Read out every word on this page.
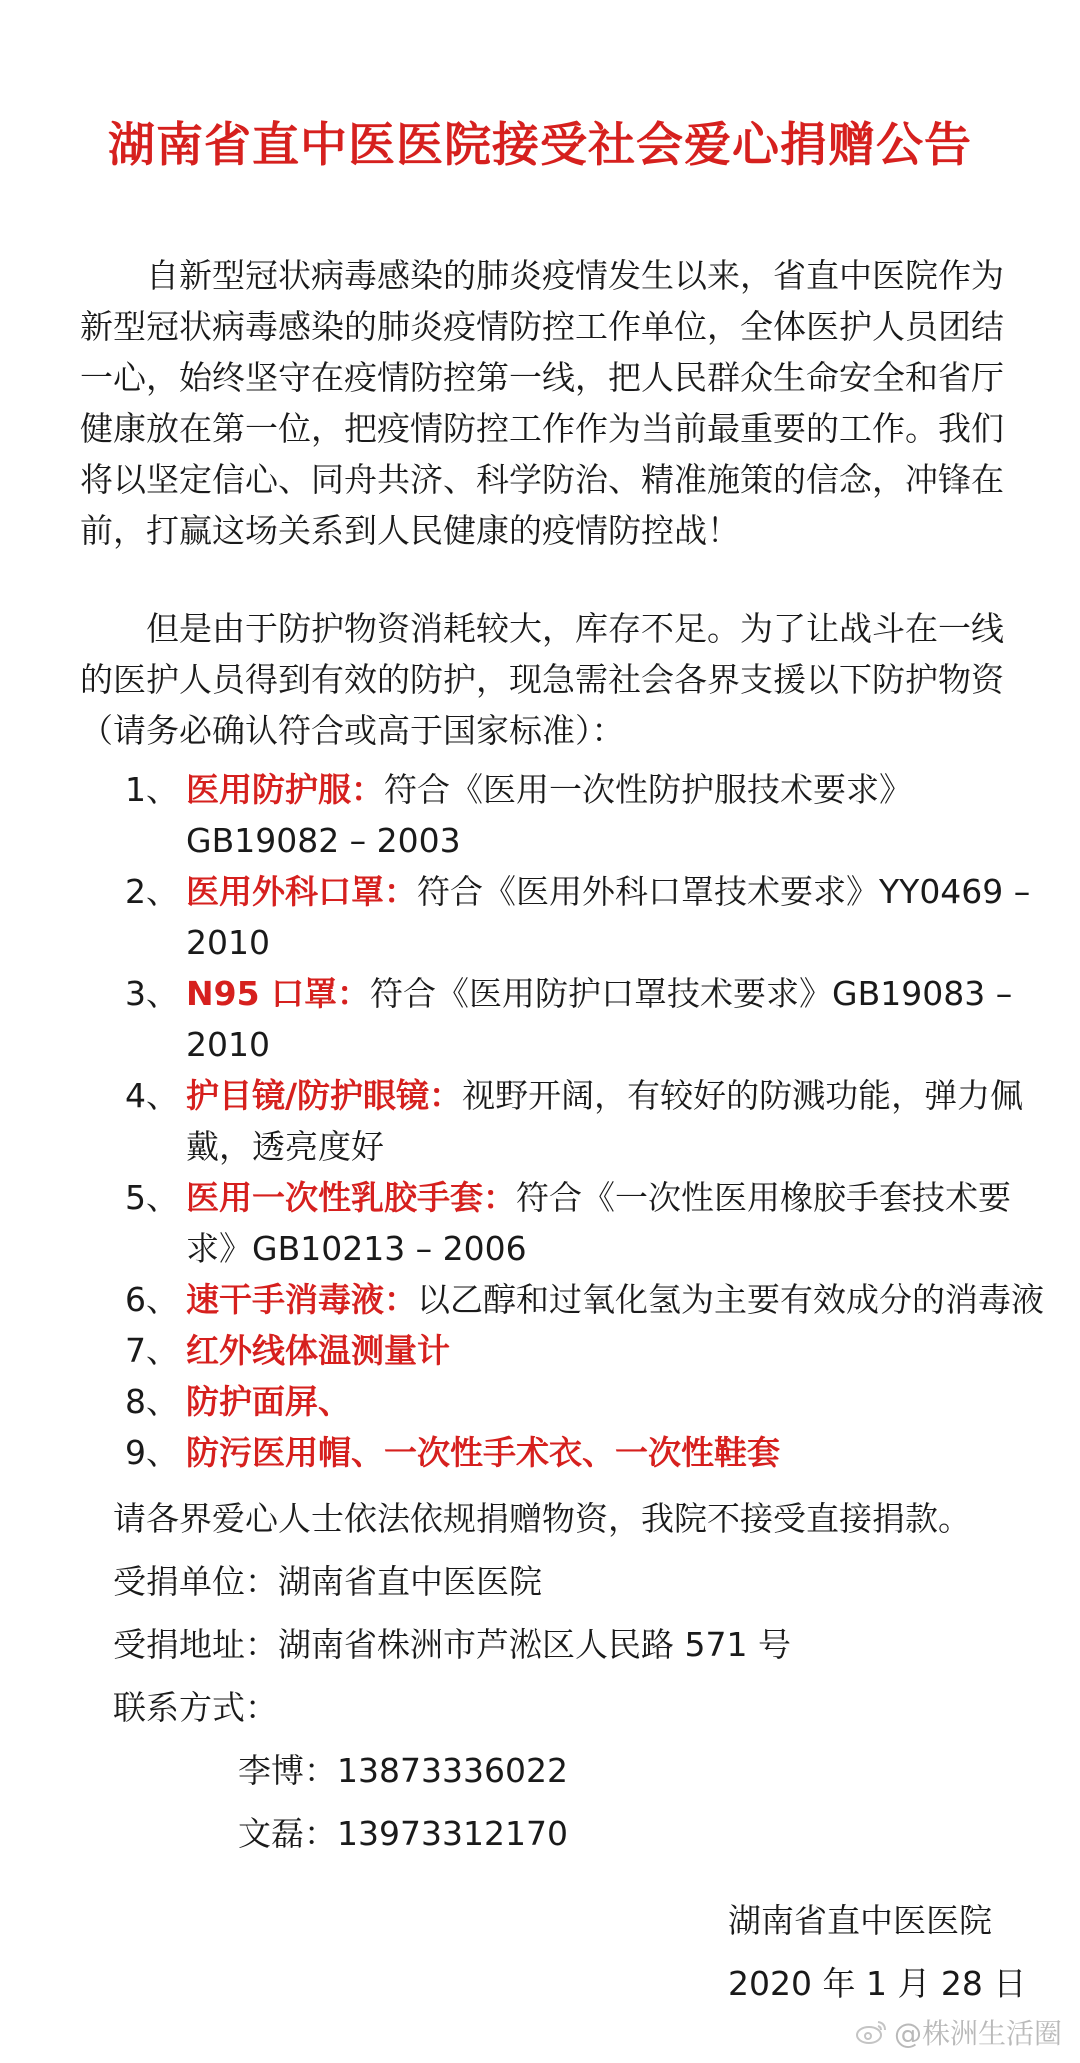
湖南省直中医医院接受社会爱心捐赠公告

自新型冠状病毒感染的肺炎疫情发生以来，省直中医院作为新型冠状病毒感染的肺炎疫情防控工作单位，全体医护人员团结一心，始终坚守在疫情防控第一线，把人民群众生命安全和省厅健康放在第一位，把疫情防控工作作为当前最重要的工作。我们将以坚定信心、同舟共济、科学防治、精准施策的信念，冲锋在前，打赢这场关系到人民健康的疫情防控战！

但是由于防护物资消耗较大，库存不足。为了让战斗在一线的医护人员得到有效的防护，现急需社会各界支援以下防护物资（请务必确认符合或高于国家标准）：

1、 医用防护服：符合《医用一次性防护服技术要求》GB19082 – 2003
2、 医用外科口罩：符合《医用外科口罩技术要求》YY0469 – 2010
3、 N95 口罩：符合《医用防护口罩技术要求》GB19083 – 2010
4、 护目镜/防护眼镜：视野开阔，有较好的防溅功能，弹力佩戴，透亮度好
5、 医用一次性乳胶手套：符合《一次性医用橡胶手套技术要求》GB10213 – 2006
6、 速干手消毒液：以乙醇和过氧化氢为主要有效成分的消毒液
7、 红外线体温测量计
8、 防护面屏、
9、 防污医用帽、一次性手术衣、一次性鞋套
请各界爱心人士依法依规捐赠物资，我院不接受直接捐款。
受捐单位：湖南省直中医医院
受捐地址：湖南省株洲市芦淞区人民路 571 号
联系方式：
李博：13873336022
文磊：13973312170
湖南省直中医医院
2020 年 1 月 28 日
@株洲生活圈
